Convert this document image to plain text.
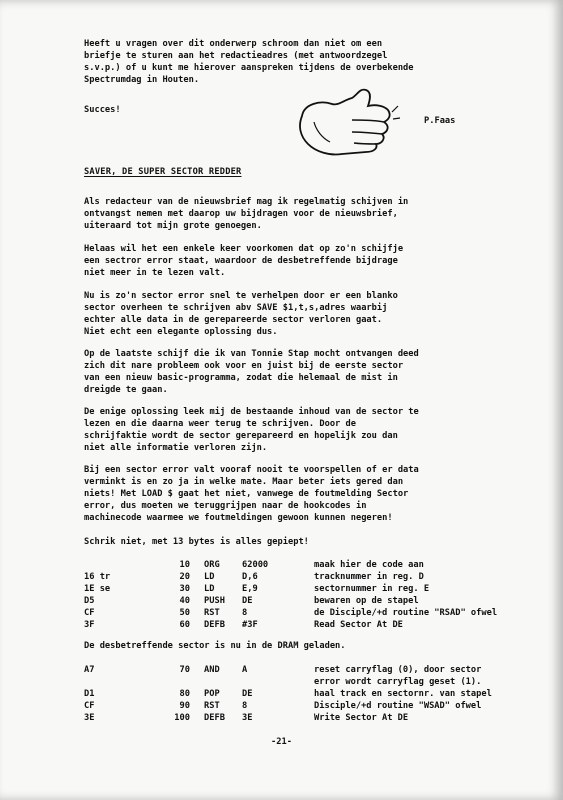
Heeft u vragen over dit onderwerp schroom dan niet om een
briefje te sturen aan het redactieadres (met antwoordzegel
s.v.p.) of u kunt me hierover aanspreken tijdens de overbekende
Spectrumdag in Houten.
Succes!
P.Faas
SAVER, DE SUPER SECTOR REDDER
Als redacteur van de nieuwsbrief mag ik regelmatig schijven in
ontvangst nemen met daarop uw bijdragen voor de nieuwsbrief,
uiteraard tot mijn grote genoegen.
Helaas wil het een enkele keer voorkomen dat op zo'n schijfje
een sectror error staat, waardoor de desbetreffende bijdrage
niet meer in te lezen valt.
Nu is zo'n sector error snel te verhelpen door er een blanko
sector overheen te schrijven abv SAVE $1,t,s,adres waarbij
echter alle data in de gerepareerde sector verloren gaat.
Niet echt een elegante oplossing dus.
Op de laatste schijf die ik van Tonnie Stap mocht ontvangen deed
zich dit nare probleem ook voor en juist bij de eerste sector
van een nieuw basic-programma, zodat die helemaal de mist in
dreigde te gaan.
De enige oplossing leek mij de bestaande inhoud van de sector te
lezen en die daarna weer terug te schrijven. Door de
schrijfaktie wordt de sector gerepareerd en hopelijk zou dan
niet alle informatie verloren zijn.
Bij een sector error valt vooraf nooit te voorspellen of er data
verminkt is en zo ja in welke mate. Maar beter iets gered dan
niets! Met LOAD $ gaat het niet, vanwege de foutmelding Sector
error, dus moeten we teruggrijpen naar de hookcodes in
machinecode waarmee we foutmeldingen gewoon kunnen negeren!
Schrik niet, met 13 bytes is alles gepiept!
	10	ORG	62000	maak hier de code aan
16 tr	20	LD	D,6	tracknummer in reg. D
1E se	30	LD	E,9	sectornummer in reg. E
D5	40	PUSH	DE	bewaren op de stapel
CF	50	RST	8	de Disciple/+d routine "RSAD" ofwel
3F	60	DEFB	#3F	Read Sector At DE
De desbetreffende sector is nu in de DRAM geladen.
A7	70	AND	A	reset carryflag (0), door sector
				error wordt carryflag geset (1).
D1	80	POP	DE	haal track en sectornr. van stapel
CF	90	RST	8	Disciple/+d routine "WSAD" ofwel
3E	100	DEFB	3E	Write Sector At DE
-21-
